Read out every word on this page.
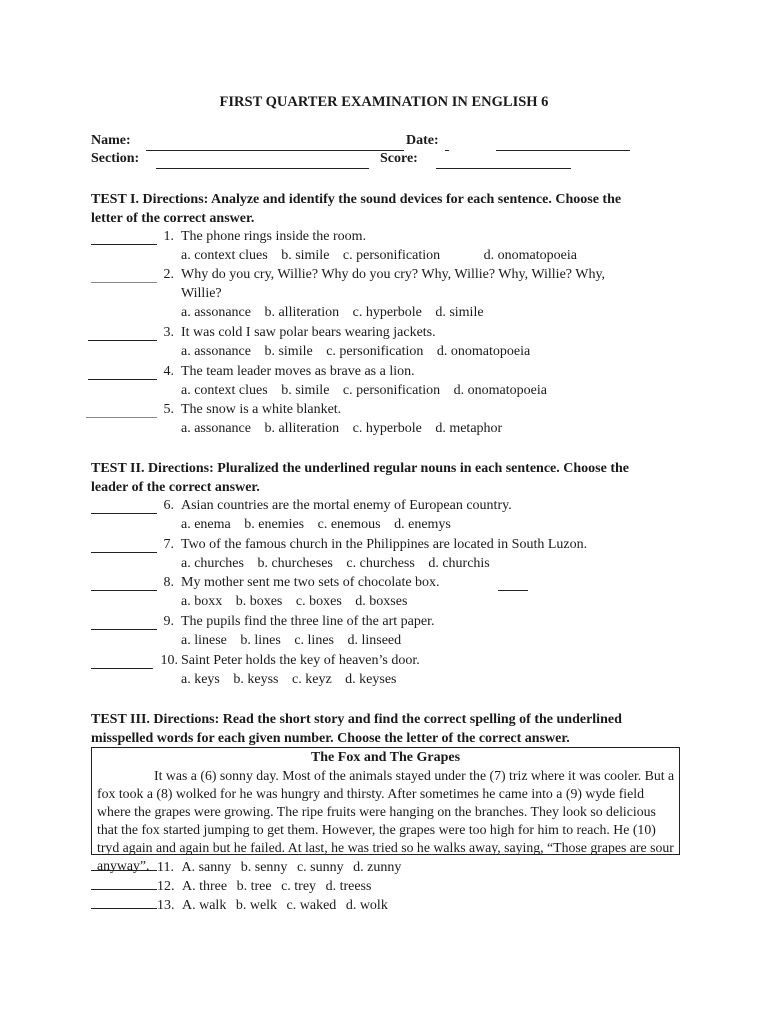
FIRST QUARTER EXAMINATION IN ENGLISH 6
Name:	Date:
Section:	Score:
TEST I. Directions: Analyze and identify the sound devices for each sentence. Choose the
letter of the correct answer.
1. The phone rings inside the room.
a. context clues b. simile c. personification	d. onomatopoeia
2. Why do you cry, Willie? Why do you cry? Why, Willie? Why, Willie? Why,
Willie?
a. assonance b. alliteration c. hyperbole d. simile
3. It was cold I saw polar bears wearing jackets.
a. assonance b. simile c. personification d. onomatopoeia
4. The team leader moves as brave as a lion.
a. context clues b. simile c. personification d. onomatopoeia
5. The snow is a white blanket.
a. assonance b. alliteration c. hyperbole d. metaphor
TEST II. Directions: Pluralized the underlined regular nouns in each sentence. Choose the
leader of the correct answer.
6. Asian countries are the mortal enemy of European country.
a. enema b. enemies c. enemous d. enemys
7. Two of the famous church in the Philippines are located in South Luzon.
a. churches b. churcheses c. churchess d. churchis
8. My mother sent me two sets of chocolate box.
a. boxx b. boxes c. boxes d. boxses
9. The pupils find the three line of the art paper.
a. linese b. lines c. lines d. linseed
10. Saint Peter holds the key of heaven’s door.
a. keys b. keyss c. keyz d. keyses
TEST III. Directions: Read the short story and find the correct spelling of the underlined
misspelled words for each given number. Choose the letter of the correct answer.
The Fox and The Grapes
It was a (6) sonny day. Most of the animals stayed under the (7) triz where it was cooler. But a fox took a (8) wolked for he was hungry and thirsty. After sometimes he came into a (9) wyde field where the grapes were growing. The ripe fruits were hanging on the branches. They look so delicious that the fox started jumping to get them. However, the grapes were too high for him to reach. He (10) tryd again and again but he failed. At last, he was tried so he walks away, saying, “Those grapes are sour anyway”. 11. A. sanny b. senny c. sunny d. zunny
12. A. three b. tree c. trey d. treess
13. A. walk b. welk c. waked d. wolk
